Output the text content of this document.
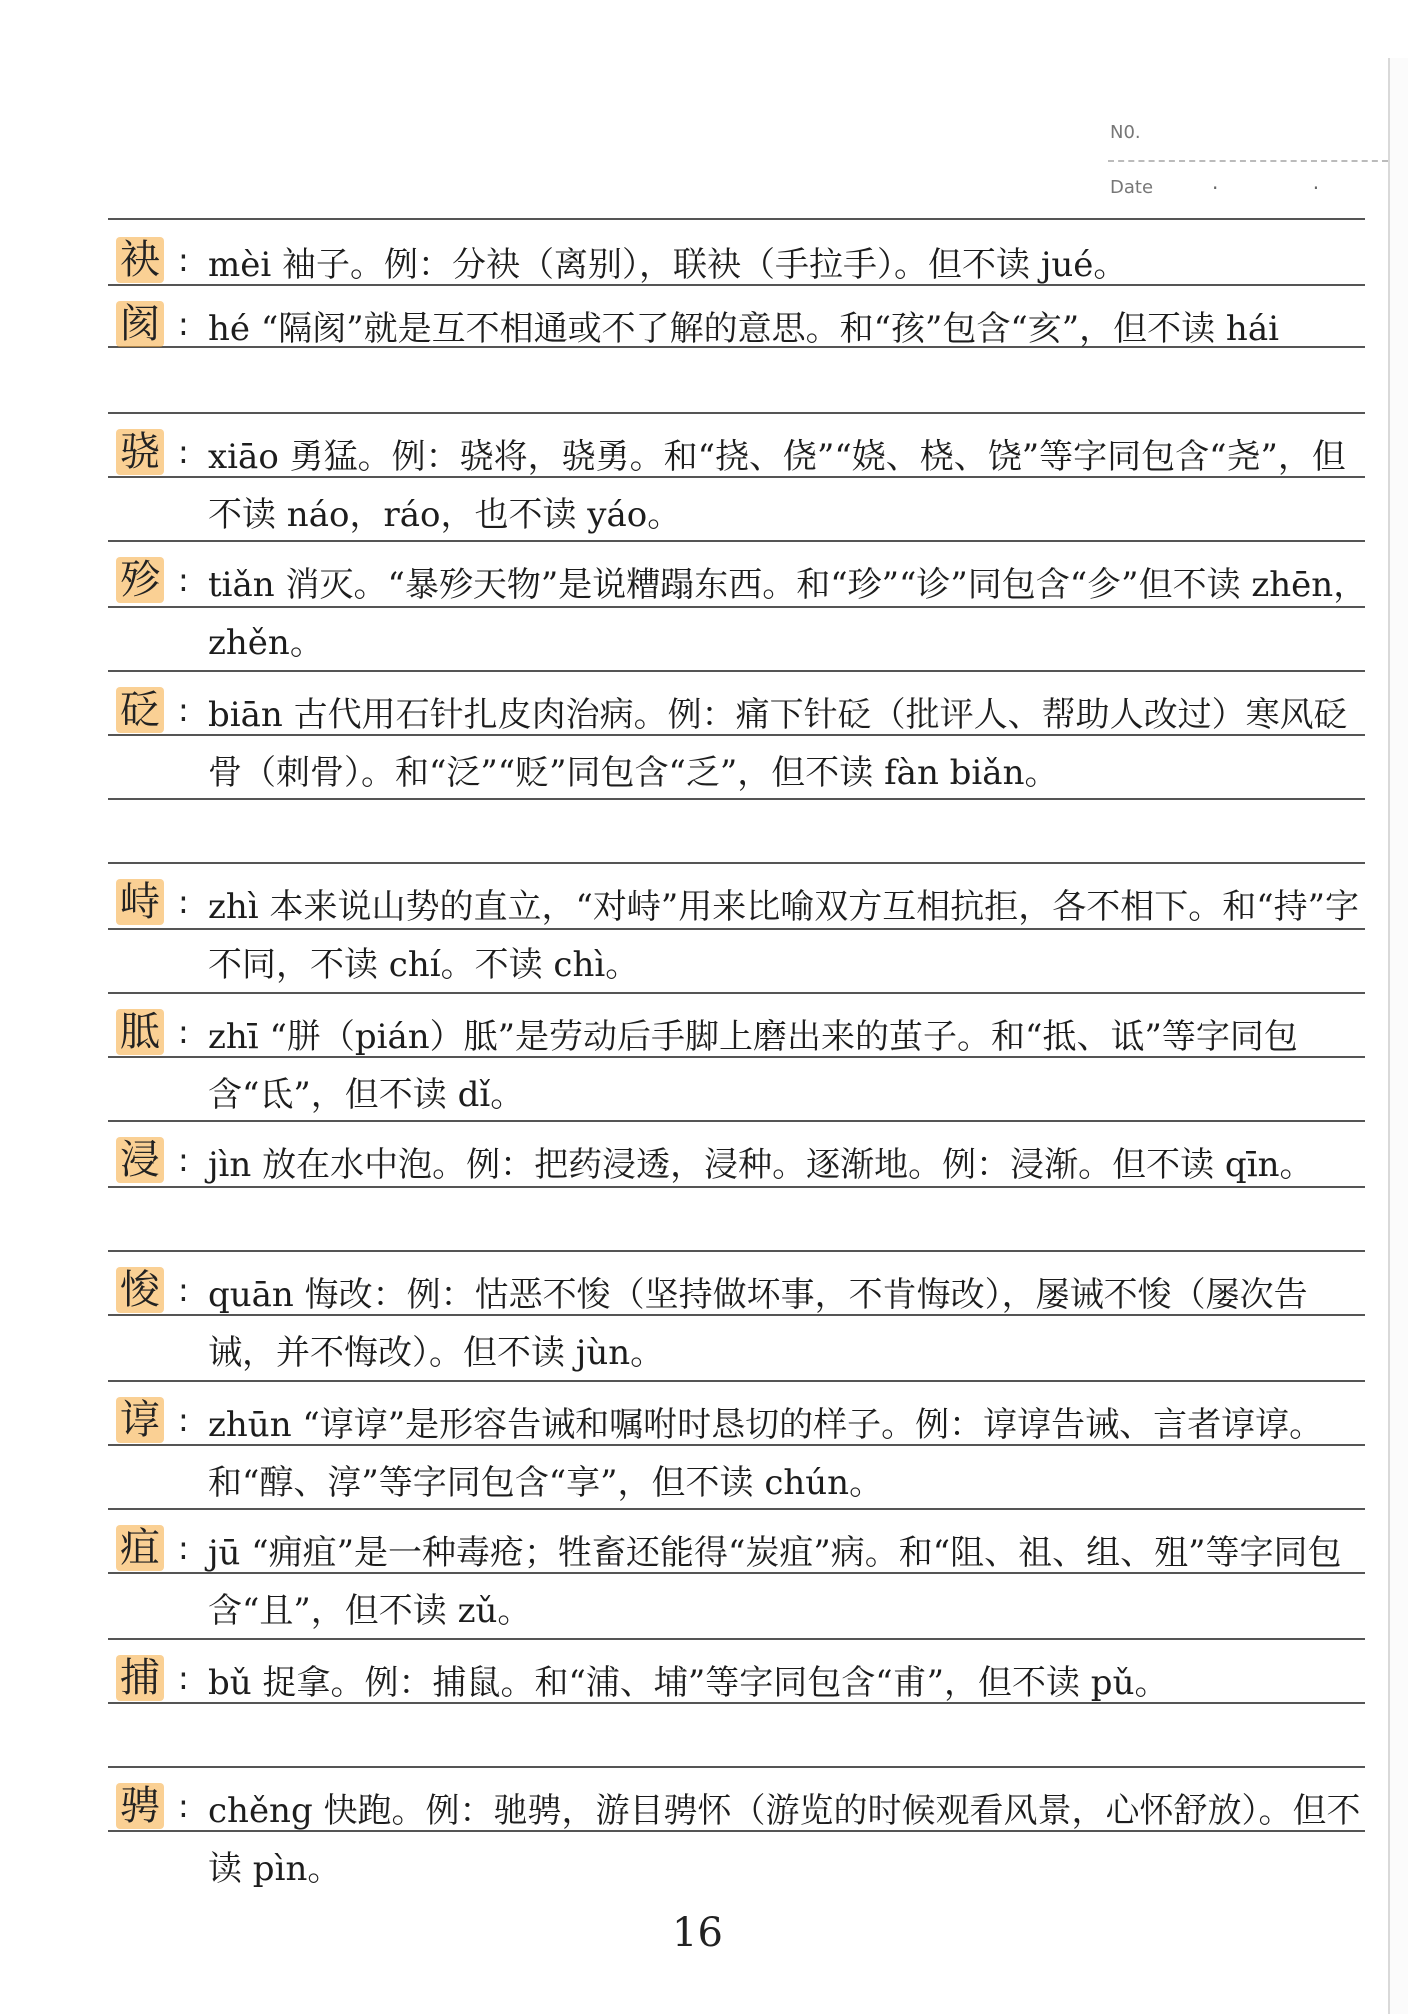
N0.
Date	. .
袂 : mèi 袖子。例：分袂（离别），联袂（手拉手）。但不读 jué。
阂 : hé “隔阂”就是互不相通或不了解的意思。和“孩”包含“亥”，但不读 hái
骁 : xiāo 勇猛。例：骁将，骁勇。和“挠、侥”“娆、桡、饶”等字同包含“尧”，但不读 náo，ráo，也不读 yáo。
殄 : tiǎn 消灭。“暴殄天物”是说糟蹋东西。和“珍”“诊”同包含“㐱”但不读 zhēn，zhěn。
砭 : biān 古代用石针扎皮肉治病。例：痛下针砭（批评人、帮助人改过）寒风砭骨（刺骨）。和“泛”“贬”同包含“乏”，但不读 fàn biǎn。
峙 : zhì 本来说山势的直立，“对峙”用来比喻双方互相抗拒，各不相下。和“持”字不同，不读 chí。不读 chì。
胝 : zhī “胼（pián）胝”是劳动后手脚上磨出来的茧子。和“抵、诋”等字同包含“氐”，但不读 dǐ。
浸 : jìn 放在水中泡。例：把药浸透，浸种。逐渐地。例：浸渐。但不读 qīn。
悛 : quān 悔改：例：怙恶不悛（坚持做坏事，不肯悔改），屡诫不悛（屡次告诫，并不悔改）。但不读 jùn。
谆 : zhūn “谆谆”是形容告诫和嘱咐时恳切的样子。例：谆谆告诫、言者谆谆。和“醇、淳”等字同包含“享”，但不读 chún。
疽 : jū “痈疽”是一种毒疮；牲畜还能得“炭疽”病。和“阻、祖、组、殂”等字同包含“且”，但不读 zǔ。
捕 : bǔ 捉拿。例：捕鼠。和“浦、埔”等字同包含“甫”，但不读 pǔ。
骋 : chěng 快跑。例：驰骋，游目骋怀（游览的时候观看风景，心怀舒放）。但不读 pìn。
16
